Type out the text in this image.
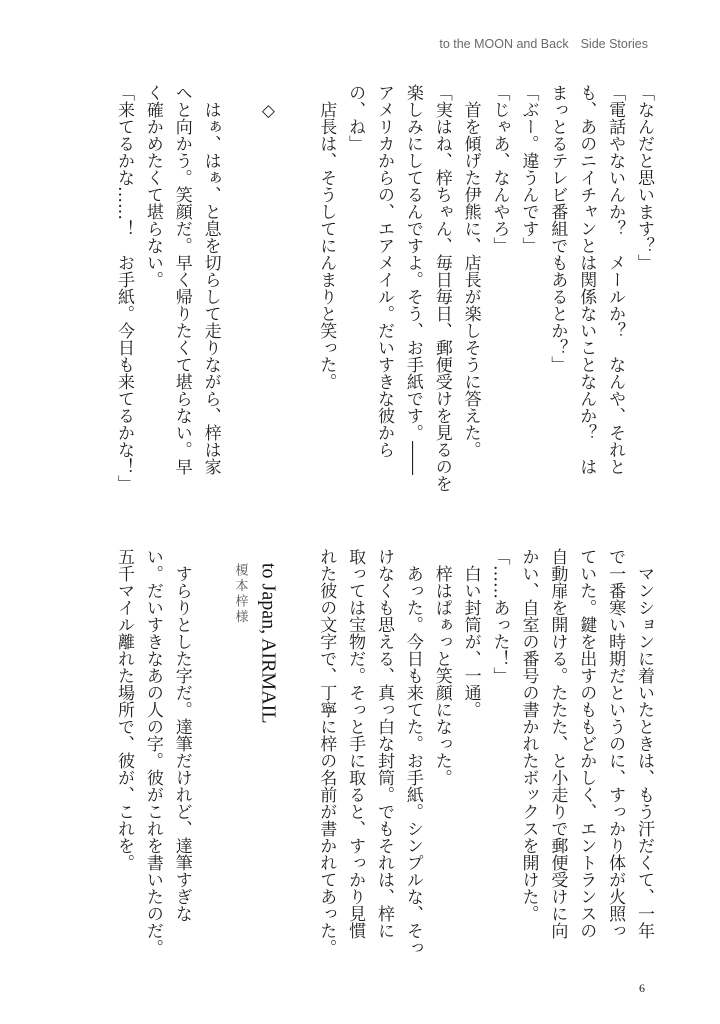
to the MOON and Back Side Stories
「なんだと思います？」
「電話やないんか？　メールか？　なんや、それと
も、あのニイチャンとは関係ないことなんか？　は
まっとるテレビ番組でもあるとか？」
「ぶー。違うんです」
「じゃあ、なんやろ」
　首を傾げた伊熊に、店長が楽しそうに答えた。
「実はね、梓ちゃん、毎日毎日、郵便受けを見るのを
楽しみにしてるんですよ。そう、お手紙です。――
アメリカからの、エアメイル。だいすきな彼から
の、ね」
　店長は、そうしてにんまりと笑った。
　◇
　はぁ、はぁ、と息を切らして走りながら、梓は家
へと向かう。笑顔だ。早く帰りたくて堪らない。早
く確かめたくて堪らない。
「来てるかな……！　お手紙。今日も来てるかな！」
　マンションに着いたときは、もう汗だくて、一年
で一番寒い時期だというのに、すっかり体が火照っ
ていた。鍵を出すのももどかしく、エントランスの
自動扉を開ける。たたた、と小走りで郵便受けに向
かい、自室の番号の書かれたボックスを開けた。
「……あった！」
　白い封筒が、一通。
　梓はぱぁっと笑顔になった。
　あった。今日も来てた。お手紙。シンプルな、そっ
けなくも思える、真っ白な封筒。でもそれは、梓に
取っては宝物だ。そっと手に取ると、すっかり見慣
れた彼の文字で、丁寧に梓の名前が書かれてあった。
to Japan, AIRMAIL
榎本梓様
　すらりとした字だ。達筆だけれど、達筆すぎな
い。だいすきなあの人の字。彼がこれを書いたのだ。
五千マイル離れた場所で、彼が、これを。
6
